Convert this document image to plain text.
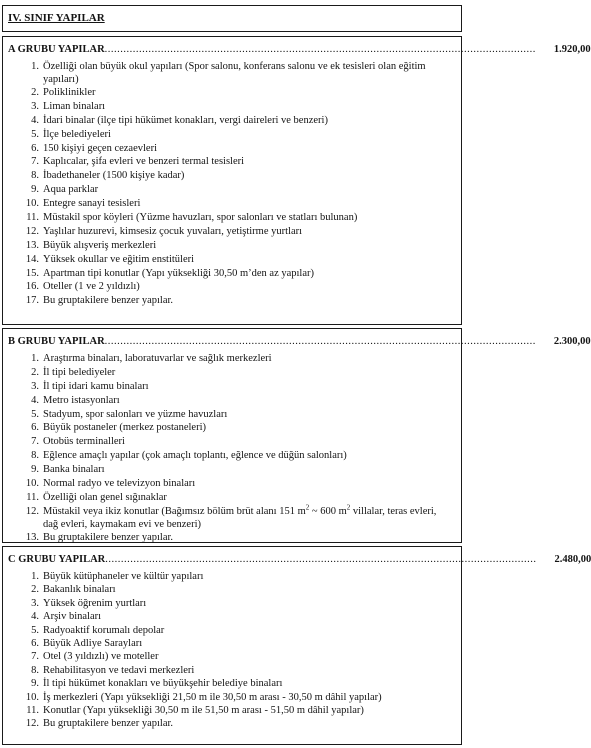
IV. SINIF YAPILAR
A GRUBU YAPILAR .......................................................................................................................................... 1.920,00
1. Özelliği olan büyük okul yapıları (Spor salonu, konferans salonu ve ek tesisleri olan eğitim yapıları)
2. Poliklinikler
3. Liman binaları
4. İdari binalar (ilçe tipi hükümet konakları, vergi daireleri ve benzeri)
5. İlçe belediyeleri
6. 150 kişiyi geçen cezaevleri
7. Kaplıcalar, şifa evleri ve benzeri termal tesisleri
8. İbadethaneler (1500 kişiye kadar)
9. Aqua parklar
10. Entegre sanayi tesisleri
11. Müstakil spor köyleri (Yüzme havuzları, spor salonları ve statları bulunan)
12. Yaşlılar huzurevi, kimsesiz çocuk yuvaları, yetiştirme yurtları
13. Büyük alışveriş merkezleri
14. Yüksek okullar ve eğitim enstitüleri
15. Apartman tipi konutlar (Yapı yüksekliği 30,50 m’den az yapılar)
16. Oteller (1 ve 2 yıldızlı)
17. Bu gruptakilere benzer yapılar.
B GRUBU YAPILAR .......................................................................................................................................... 2.300,00
1. Araştırma binaları, laboratuvarlar ve sağlık merkezleri
2. İl tipi belediyeler
3. İl tipi idari kamu binaları
4. Metro istasyonları
5. Stadyum, spor salonları ve yüzme havuzları
6. Büyük postaneler (merkez postaneleri)
7. Otobüs terminalleri
8. Eğlence amaçlı yapılar (çok amaçlı toplantı, eğlence ve düğün salonları)
9. Banka binaları
10. Normal radyo ve televizyon binaları
11. Özelliği olan genel sığınaklar
12. Müstakil veya ikiz konutlar (Bağımsız bölüm brüt alanı 151 $m^2$ ~ 600 $m^2$ villalar, teras evleri, dağ evleri, kaymakam evi ve benzeri)
13. Bu gruptakilere benzer yapılar.
C GRUBU YAPILAR .......................................................................................................................................... 2.480,00
1. Büyük kütüphaneler ve kültür yapıları
2. Bakanlık binaları
3. Yüksek öğrenim yurtları
4. Arşiv binaları
5. Radyoaktif korumalı depolar
6. Büyük Adliye Sarayları
7. Otel (3 yıldızlı) ve moteller
8. Rehabilitasyon ve tedavi merkezleri
9. İl tipi hükümet konakları ve büyükşehir belediye binaları
10. İş merkezleri (Yapı yüksekliği 21,50 m ile 30,50 m arası - 30,50 m dâhil yapılar)
11. Konutlar (Yapı yüksekliği 30,50 m ile 51,50 m arası - 51,50 m dâhil yapılar)
12. Bu gruptakilere benzer yapılar.
